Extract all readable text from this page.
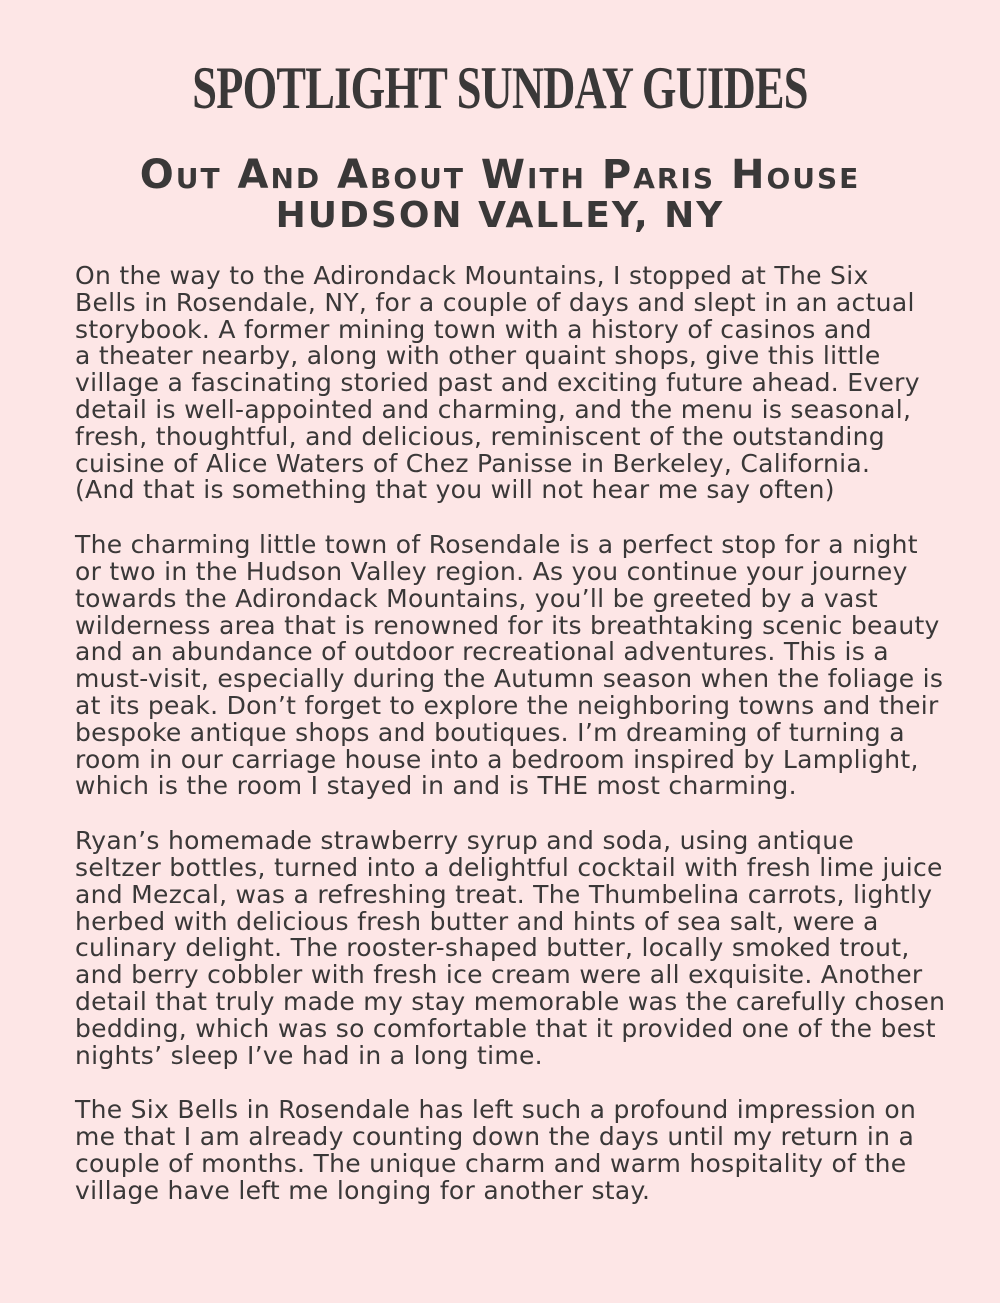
SPOTLIGHT SUNDAY GUIDES
Out And About With Paris House
HUDSON VALLEY, NY

On the way to the Adirondack Mountains, I stopped at The Six
Bells in Rosendale, NY, for a couple of days and slept in an actual
storybook. A former mining town with a history of casinos and
a theater nearby, along with other quaint shops, give this little
village a fascinating storied past and exciting future ahead. Every
detail is well-appointed and charming, and the menu is seasonal,
fresh, thoughtful, and delicious, reminiscent of the outstanding
cuisine of Alice Waters of Chez Panisse in Berkeley, California.
(And that is something that you will not hear me say often)

The charming little town of Rosendale is a perfect stop for a night
or two in the Hudson Valley region. As you continue your journey
towards the Adirondack Mountains, you’ll be greeted by a vast
wilderness area that is renowned for its breathtaking scenic beauty
and an abundance of outdoor recreational adventures. This is a
must-visit, especially during the Autumn season when the foliage is
at its peak. Don’t forget to explore the neighboring towns and their
bespoke antique shops and boutiques. I’m dreaming of turning a
room in our carriage house into a bedroom inspired by Lamplight,
which is the room I stayed in and is THE most charming.

Ryan’s homemade strawberry syrup and soda, using antique
seltzer bottles, turned into a delightful cocktail with fresh lime juice
and Mezcal, was a refreshing treat. The Thumbelina carrots, lightly
herbed with delicious fresh butter and hints of sea salt, were a
culinary delight. The rooster-shaped butter, locally smoked trout,
and berry cobbler with fresh ice cream were all exquisite. Another
detail that truly made my stay memorable was the carefully chosen
bedding, which was so comfortable that it provided one of the best
nights’ sleep I’ve had in a long time.

The Six Bells in Rosendale has left such a profound impression on
me that I am already counting down the days until my return in a
couple of months. The unique charm and warm hospitality of the
village have left me longing for another stay.
